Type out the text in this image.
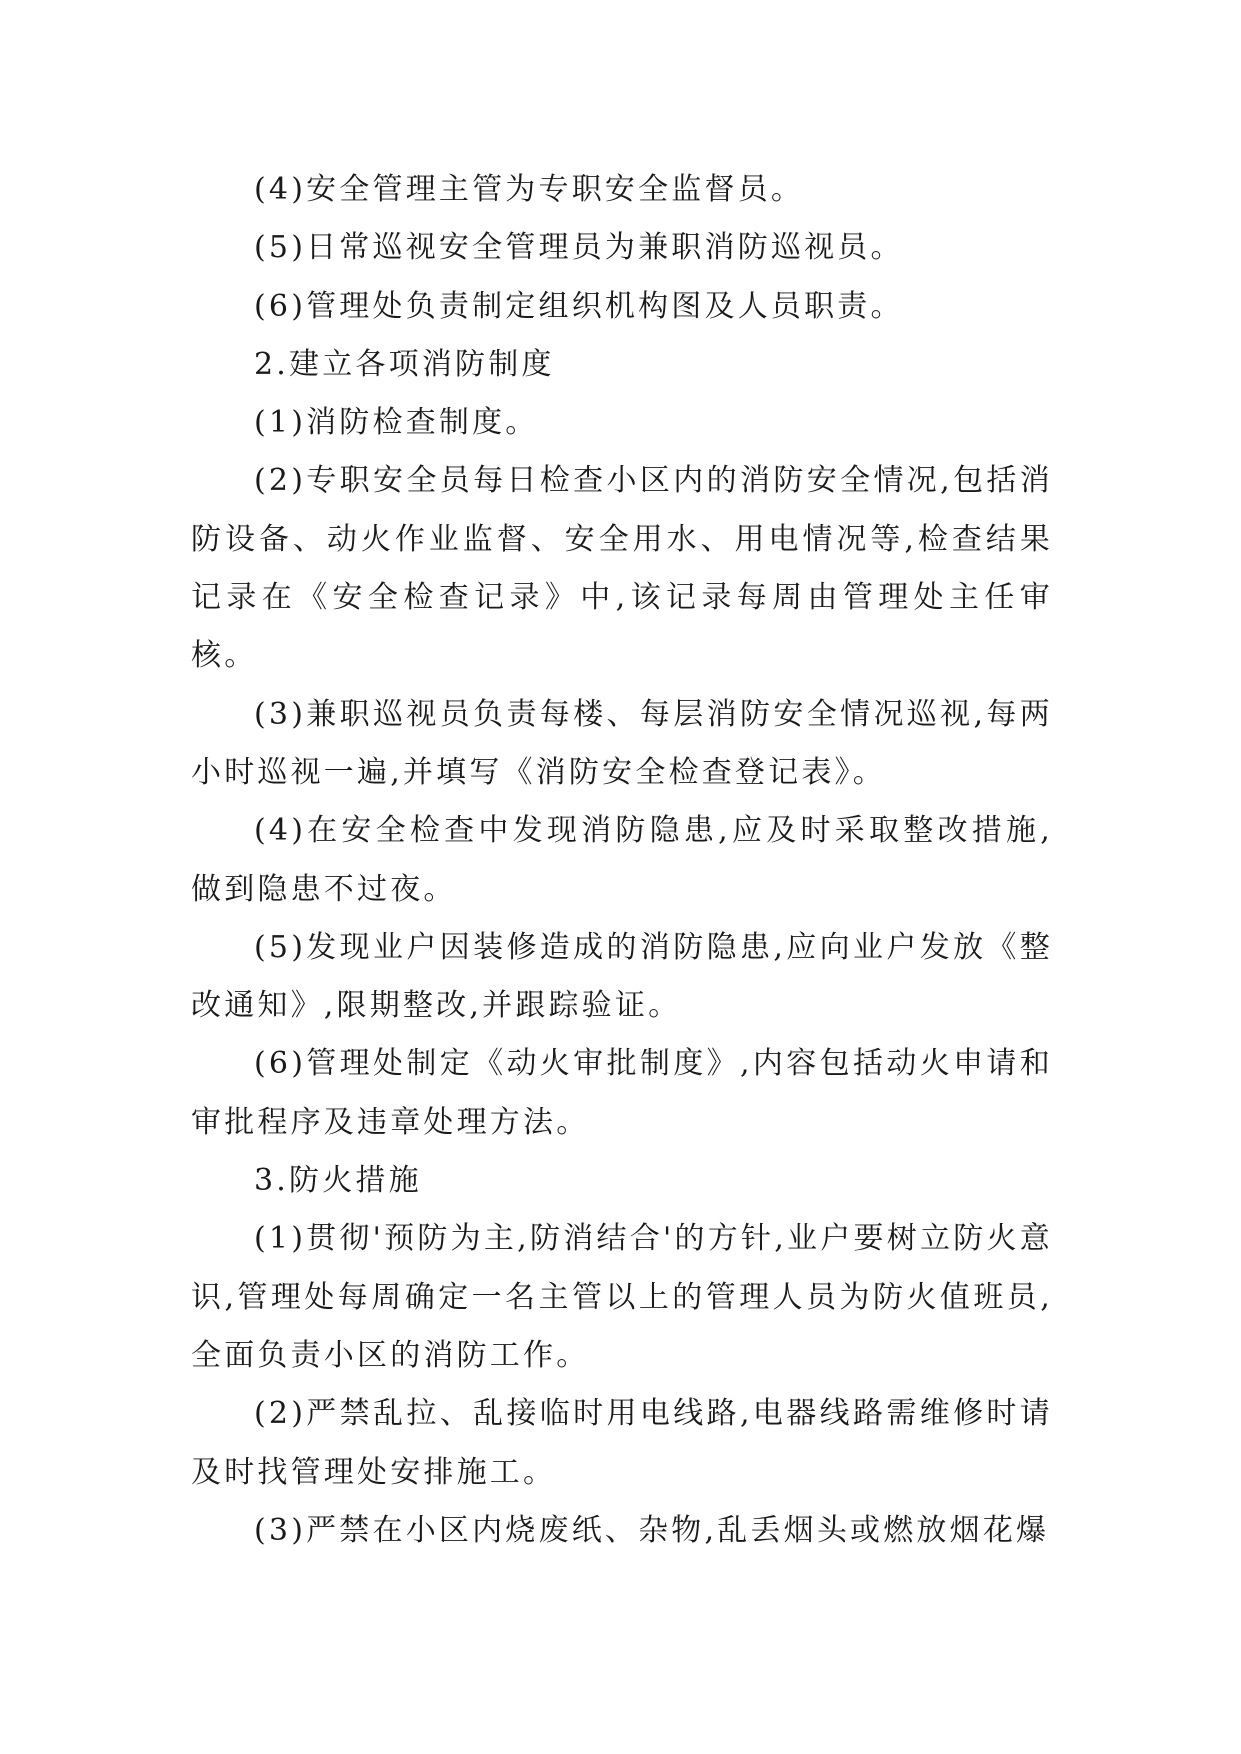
(4)安全管理主管为专职安全监督员。

(5)日常巡视安全管理员为兼职消防巡视员。

(6)管理处负责制定组织机构图及人员职责。

2.建立各项消防制度

(1)消防检查制度。

(2)专职安全员每日检查小区内的消防安全情况,包括消防设备、动火作业监督、安全用水、用电情况等,检查结果记录在《安全检查记录》中,该记录每周由管理处主任审核。

(3)兼职巡视员负责每楼、每层消防安全情况巡视,每两小时巡视一遍,并填写《消防安全检查登记表》。

(4)在安全检查中发现消防隐患,应及时采取整改措施,做到隐患不过夜。

(5)发现业户因装修造成的消防隐患,应向业户发放《整改通知》,限期整改,并跟踪验证。

(6)管理处制定《动火审批制度》,内容包括动火申请和审批程序及违章处理方法。

3.防火措施

(1)贯彻'预防为主,防消结合'的方针,业户要树立防火意识,管理处每周确定一名主管以上的管理人员为防火值班员,全面负责小区的消防工作。

(2)严禁乱拉、乱接临时用电线路,电器线路需维修时请及时找管理处安排施工。

(3)严禁在小区内烧废纸、杂物,乱丢烟头或燃放烟花爆
